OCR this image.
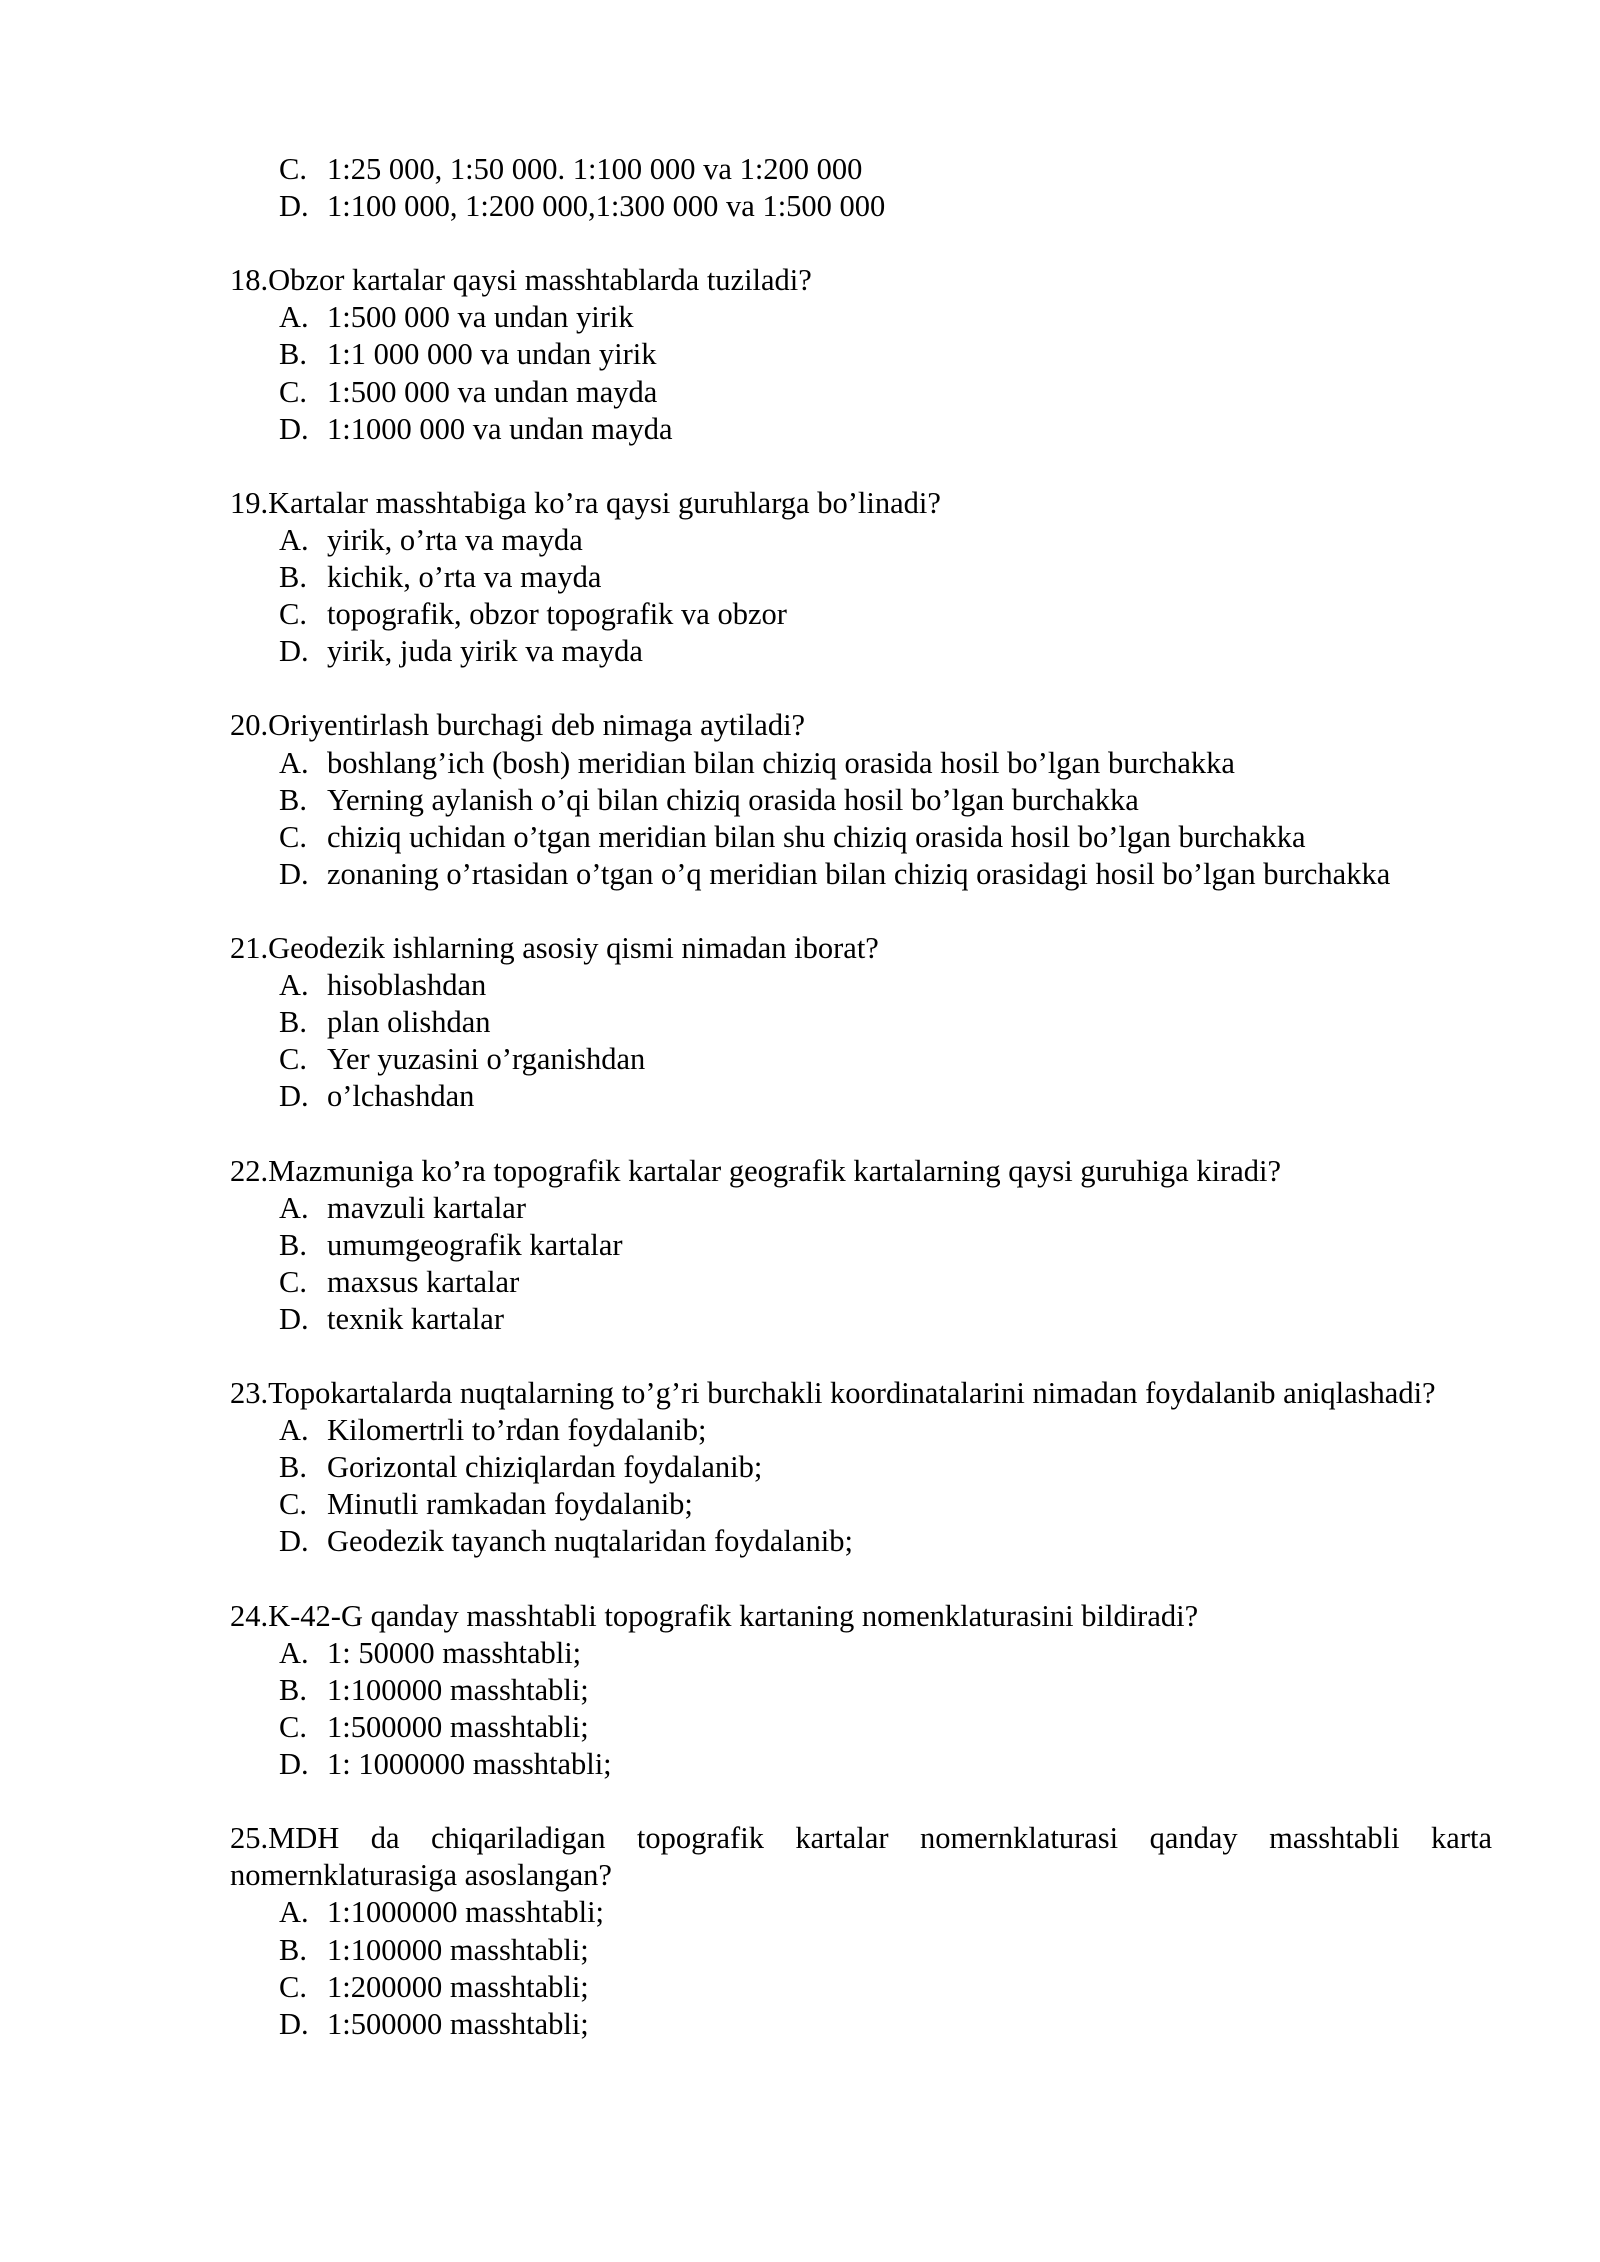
C. 1:25 000, 1:50 000. 1:100 000 va 1:200 000
D. 1:100 000, 1:200 000,1:300 000 va 1:500 000

18.Obzor kartalar qaysi masshtablarda tuziladi?

A. 1:500 000 va undan yirik
B. 1:1 000 000 va undan yirik
C. 1:500 000 va undan mayda
D. 1:1000 000 va undan mayda

19.Kartalar masshtabiga ko’ra qaysi guruhlarga bo’linadi?

A. yirik, o’rta va mayda
B. kichik, o’rta va mayda
C. topografik, obzor topografik va obzor
D. yirik, juda yirik va mayda

20.Oriyentirlash burchagi deb nimaga aytiladi?

A. boshlang’ich (bosh) meridian bilan chiziq orasida hosil bo’lgan burchakka
B. Yerning aylanish o’qi bilan chiziq orasida hosil bo’lgan burchakka
C. chiziq uchidan o’tgan meridian bilan shu chiziq orasida hosil bo’lgan burchakka
D. zonaning o’rtasidan o’tgan o’q meridian bilan chiziq orasidagi hosil bo’lgan burchakka

21.Geodezik ishlarning asosiy qismi nimadan iborat?

A. hisoblashdan
B. plan olishdan
C. Yer yuzasini o’rganishdan
D. o’lchashdan

22.Mazmuniga ko’ra topografik kartalar geografik kartalarning qaysi guruhiga kiradi?

A. mavzuli kartalar
B. umumgeografik kartalar
C. maxsus kartalar
D. texnik kartalar

23.Topokartalarda nuqtalarning to’g’ri burchakli koordinatalarini nimadan foydalanib aniqlashadi?

A. Kilomertrli to’rdan foydalanib;
B. Gorizontal chiziqlardan foydalanib;
C. Minutli ramkadan foydalanib;
D. Geodezik tayanch nuqtalaridan foydalanib;

24.K-42-G qanday masshtabli topografik kartaning nomenklaturasini bildiradi?

A. 1: 50000 masshtabli;
B. 1:100000 masshtabli;
C. 1:500000 masshtabli;
D. 1: 1000000 masshtabli;

25.MDH da chiqariladigan topografik kartalar nomernklaturasi qanday masshtabli karta nomernklaturasiga asoslangan?

A. 1:1000000 masshtabli;
B. 1:100000 masshtabli;
C. 1:200000 masshtabli;
D. 1:500000 masshtabli;
